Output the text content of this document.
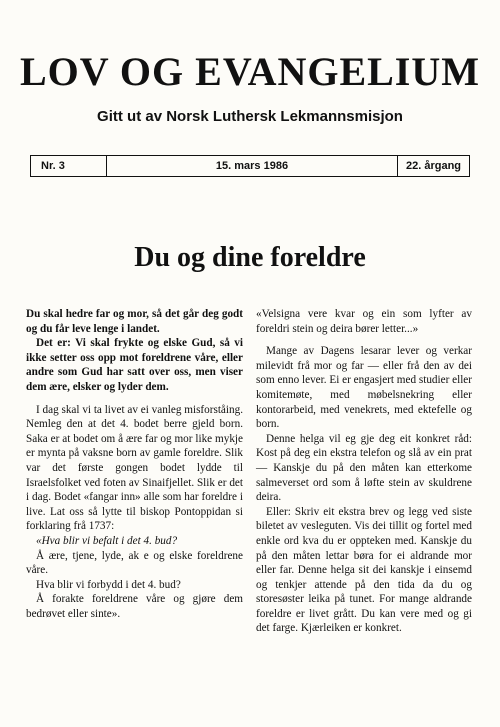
LOV OG EVANGELIUM
Gitt ut av Norsk Luthersk Lekmannsmisjon
Nr. 3	15. mars 1986	22. årgang
Du og dine foreldre

Du skal hedre far og mor, så det går deg godt og du får leve lenge i landet.

Det er: Vi skal frykte og elske Gud, så vi ikke setter oss opp mot foreldrene våre, eller andre som Gud har satt over oss, men viser dem ære, elsker og lyder dem.

I dag skal vi ta livet av ei vanleg misforståing. Nemleg den at det 4. bodet berre gjeld born. Saka er at bodet om å ære far og mor like mykje er mynta på vaksne born av gamle foreldre. Slik var det første gongen bodet lydde til Israelsfolket ved foten av Sinaifjellet. Slik er det i dag. Bodet «fangar inn» alle som har foreldre i live. Lat oss så lytte til biskop Pontoppidan si forklaring frå 1737:

«Hva blir vi befalt i det 4. bud?

Å ære, tjene, lyde, ak e og elske foreldrene våre.

Hva blir vi forbydd i det 4. bud?

Å forakte foreldrene våre og gjøre dem bedrøvet eller sinte».

«Velsigna vere kvar og ein som lyfter av foreldri stein og deira bører letter...»

Mange av Dagens lesarar lever og verkar milevidt frå mor og far — eller frå den av dei som enno lever. Ei er engasjert med studier eller komitemøte, med møbelsnekring eller kontorarbeid, med venekrets, med ektefelle og born.

Denne helga vil eg gje deg eit konkret råd: Kost på deg ein ekstra telefon og slå av ein prat — Kanskje du på den måten kan etterkome salmeverset ord som å løfte stein av skuldrene deira.

Eller: Skriv eit ekstra brev og legg ved siste biletet av vesleguten. Vis dei tillit og fortel med enkle ord kva du er oppteken med. Kanskje du på den måten lettar børa for ei aldrande mor eller far. Denne helga sit dei kanskje i einsemd og tenkjer attende på den tida da du og storesøster leika på tunet. For mange aldrande foreldre er livet grått. Du kan vere med og gi det farge. Kjærleiken er konkret.
